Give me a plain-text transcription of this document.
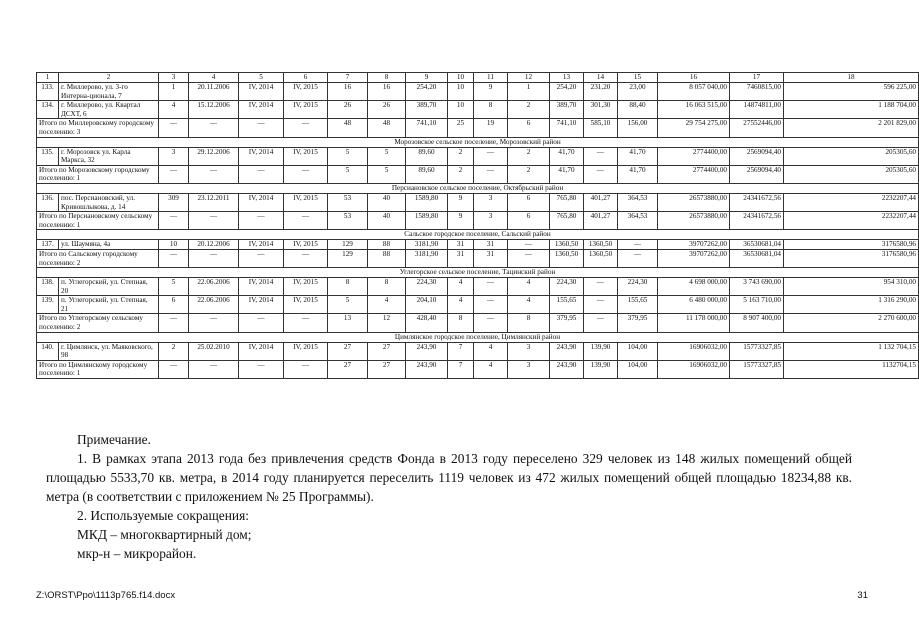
1	2	3	4	5	6	7	8	9	10	11	12	13	14	15	16	17	18
133.	г. Миллерово, ул. 3-го Интерна-ционала, 7	1	20.11.2006	IV, 2014	IV, 2015	16	16	254,20	10	9	1	254,20	231,20	23,00	8 057 040,00	7460815,00	596 225,00
134.	г. Миллерово, ул. Квартал ДСХТ, 6	4	15.12.2006	IV, 2014	IV, 2015	26	26	389,70	10	8	2	389,70	301,30	88,40	16 063 515,00	14874811,00	1 188 704,00
Итого по Миллеровскому городскому поселению: 3		—	—	—	—	48	48	741,10	25	19	6	741,10	585,10	156,00	29 754 275,00	27552446,00	2 201 829,00
Морозовское сельское поселение, Морозовский район																	
135.	г. Морозовск ул. Карла Маркса, 32	3	29.12.2006	IV, 2014	IV, 2015	5	5	89,60	2	—	2	41,70	—	41,70	2774400,00	2569094,40	205305,60
Итого по Морозовскому городскому поселению: 1		—	—	—	—	5	5	89,60	2	—	2	41,70	—	41,70	2774400,00	2569094,40	205305,60
Персиановское сельское поселение, Октябрьский район																	
136.	пос. Персиановский, ул. Кривошлыкова, д. 14	309	23.12.2011	IV, 2014	IV, 2015	53	40	1589,80	9	3	6	765,80	401,27	364,53	26573880,00	24341672,56	2232207,44
Итого по Персиановскому сельскому поселению: 1		—	—	—	—	53	40	1589,80	9	3	6	765,80	401,27	364,53	26573880,00	24341672,56	2232207,44
Сальское городское поселение, Сальский район																	
137.	ул. Шаумяна, 4а	10	20.12.2006	IV, 2014	IV, 2015	129	88	3181,90	31	31	—	1360,50	1360,50	—	39707262,00	36530681,04	3176580,96
Итого по Сальскому городскому поселению: 2		—	—	—	—	129	88	3181,90	31	31	—	1360,50	1360,50	—	39707262,00	36530681,04	3176580,96
Углегорское сельское поселение, Тацинский район																	
138.	п. Углегорский, ул. Степная, 20	5	22.06.2006	IV, 2014	IV, 2015	8	8	224,30	4	—	4	224,30	—	224,30	4 698 000,00	3 743 690,00	954 310,00
139.	п. Углегорский, ул. Степная, 21	6	22.06.2006	IV, 2014	IV, 2015	5	4	204,10	4	—	4	155,65	—	155,65	6 480 000,00	5 163 710,00	1 316 290,00
Итого по Углегорскому сельскому поселению: 2		—	—	—	—	13	12	428,40	8	—	8	379,95	—	379,95	11 178 000,00	8 907 400,00	2 270 600,00
Цимлянское городское поселение, Цимлянский район																	
140.	г. Цимлянск, ул. Маяковского, 98	2	25.02.2010	IV, 2014	IV, 2015	27	27	243,90	7	4	3	243,90	139,90	104,00	16906032,00	15773327,85	1 132 704,15
Итого по Цимлянскому городскому поселению: 1		—	—	—	—	27	27	243,90	7	4	3	243,90	139,90	104,00	16906032,00	15773327,85	1132704,15

Примечание.

1. В рамках этапа 2013 года без привлечения средств Фонда в 2013 году переселено 329 человек из 148 жилых помещений общей площадью 5533,70 кв. метра, в 2014 году планируется переселить 1119 человек из 472 жилых помещений общей площадью 18234,88 кв. метра (в соответствии с приложением № 25 Программы).

2. Используемые сокращения:

МКД – многоквартирный дом;

мкр-н – микрорайон.

Z:\ORST\Ppo\1113p765.f14.docx	31
